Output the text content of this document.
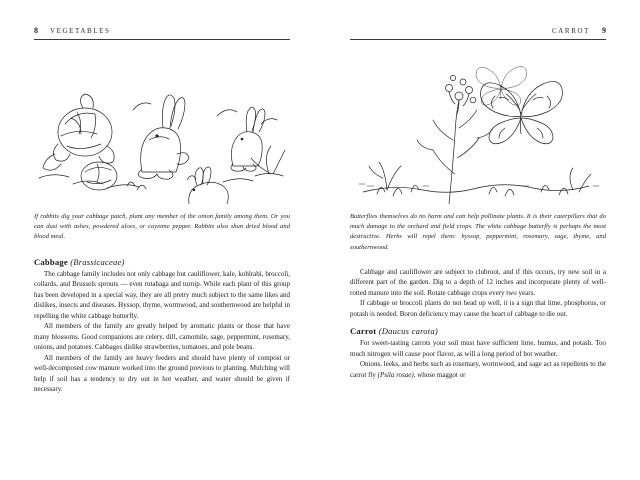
8 VEGETABLES

If rabbits dig your cabbage patch, plant any member of the onion family among them. Or you can dust with ashes, powdered aloes, or cayenne pepper. Rabbits also shun dried blood and blood meal.

Cabbage (Brassicaceae)

The cabbage family includes not only cabbage but cauliflower, kale, kohlrabi, broccoli, collards, and Brussels sprouts — even rutabaga and turnip. While each plant of this group has been developed in a special way, they are all pretty much subject to the same likes and dislikes, insects and diseases. Hyssop, thyme, wormwood, and southernwood are helpful in repelling the white cabbage butterfly.

All members of the family are greatly helped by aromatic plants or those that have many blossoms. Good companions are celery, dill, camomile, sage, peppermint, rosemary, onions, and potatoes. Cabbages dislike strawberries, tomatoes, and pole beans.

All members of the family are heavy feeders and should have plenty of compost or well-decomposed cow manure worked into the ground previous to planting. Mulching will help if soil has a tendency to dry out in hot weather, and water should be given if necessary.

CARROT 9

Butterflies themselves do no harm and can help pollinate plants. It is their caterpillars that do much damage to the orchard and field crops. The white cabbage butterfly is perhaps the most destructive. Herbs will repel them: hyssop, peppermint, rosemary, sage, thyme, and southernwood.

Cabbage and cauliflower are subject to clubroot, and if this occurs, try new soil in a different part of the garden. Dig to a depth of 12 inches and incorporate plenty of well-rotted manure into the soil. Rotate cabbage crops every two years.

If cabbage or broccoli plants do not head up well, it is a sign that lime, phosphorus, or potash is needed. Boron deficiency may cause the heart of cabbage to die out.

Carrot (Daucus carota)

For sweet-tasting carrots your soil must have sufficient lime, humus, and potash. Too much nitrogen will cause poor flavor, as will a long period of hot weather.

Onions, leeks, and herbs such as rosemary, wormwood, and sage act as repellents to the carrot fly (Psila rosae), whose maggot or
